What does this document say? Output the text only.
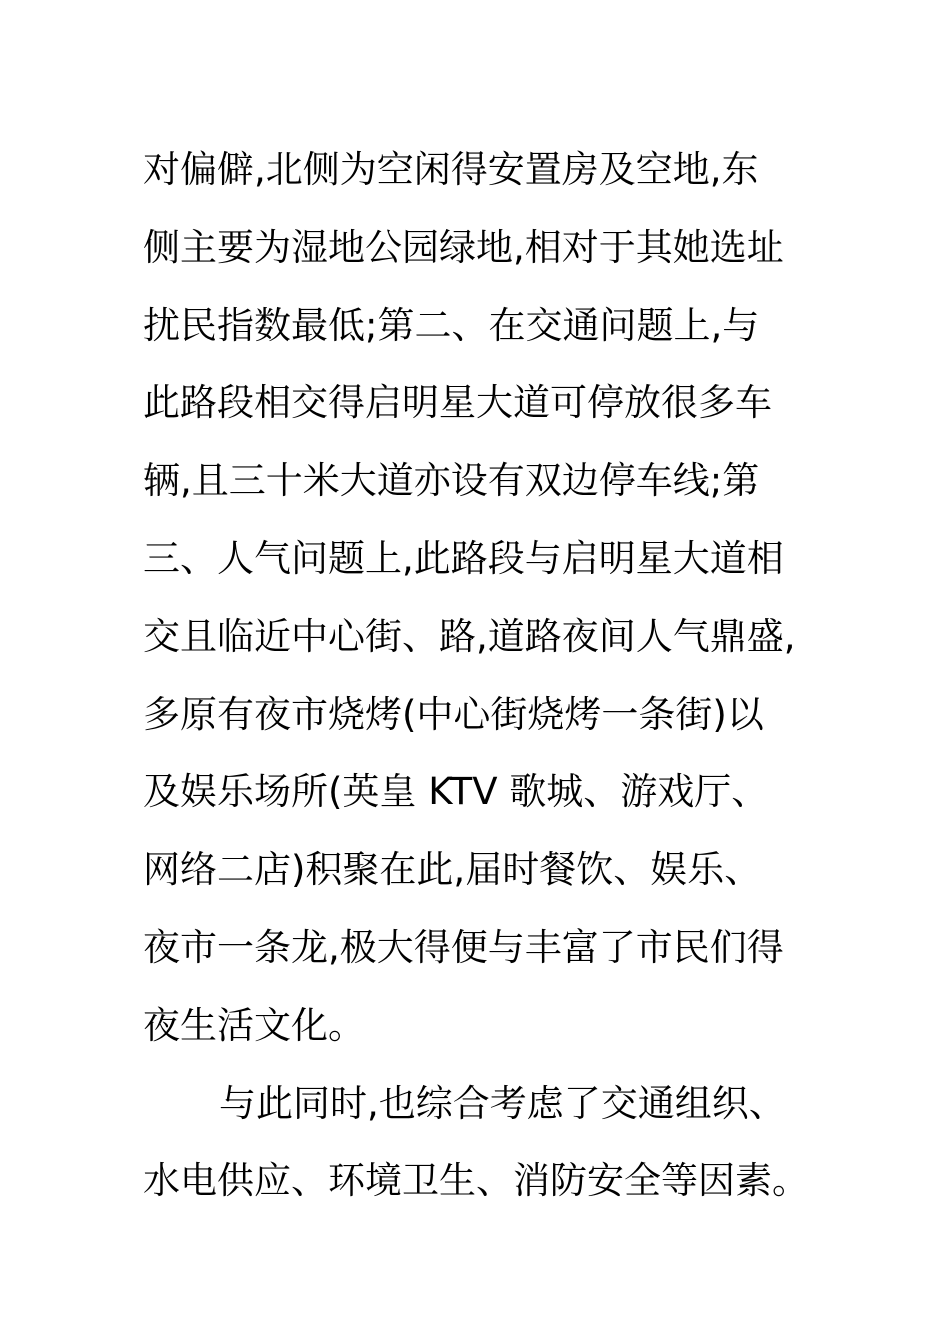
对偏僻,北侧为空闲得安置房及空地,东
侧主要为湿地公园绿地,相对于其她选址
扰民指数最低;第二、在交通问题上,与
此路段相交得启明星大道可停放很多车
辆,且三十米大道亦设有双边停车线;第
三、人气问题上,此路段与启明星大道相
交且临近中心街、路,道路夜间人气鼎盛,
多原有夜市烧烤(中心街烧烤一条街)以
及娱乐场所(英皇 KTV 歌城、游戏厅、
网络二店)积聚在此,届时餐饮、娱乐、
夜市一条龙,极大得便与丰富了市民们得
夜生活文化。
与此同时,也综合考虑了交通组织、
水电供应、环境卫生、消防安全等因素。
